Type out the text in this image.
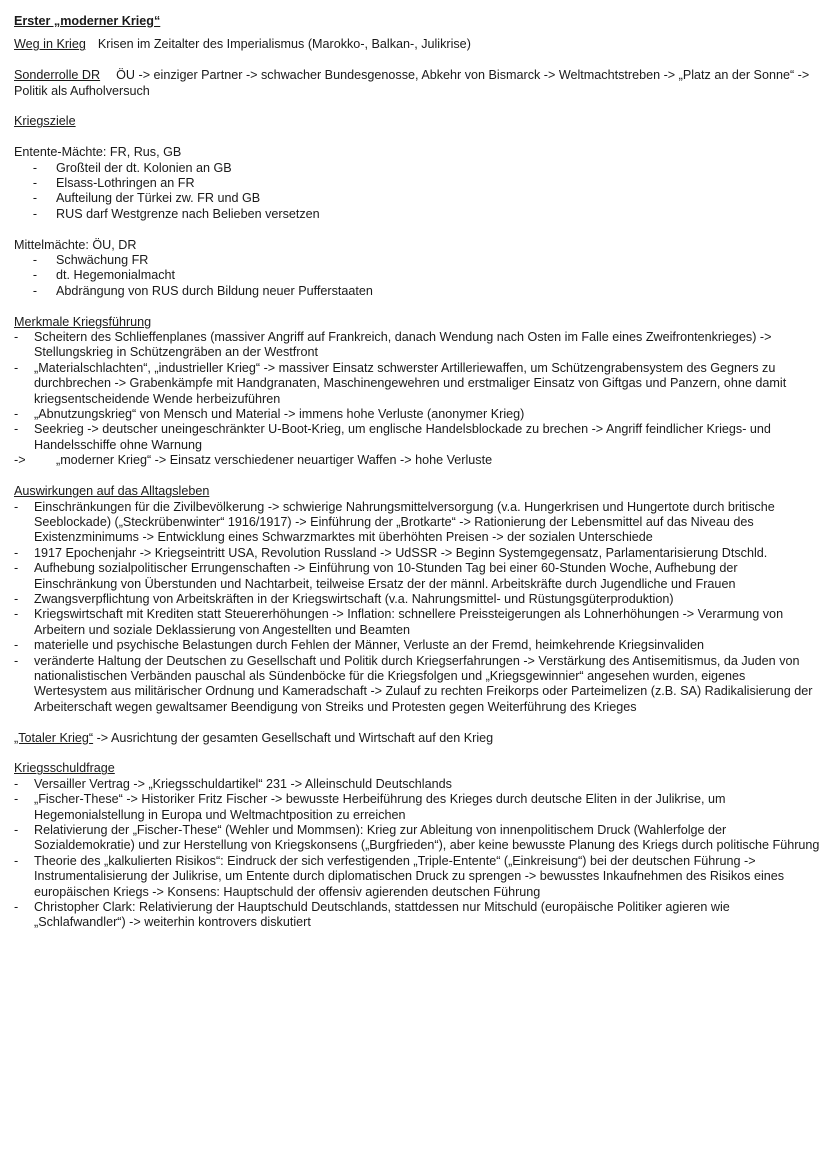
Erster „moderner Krieg“

Weg in Krieg Krisen im Zeitalter des Imperialismus (Marokko-, Balkan-, Julikrise)

Sonderrolle DR ÖU -> einziger Partner -> schwacher Bundesgenosse, Abkehr von Bismarck -> Weltmachtstreben -> „Platz an der Sonne“ -> Politik als Aufholversuch

Kriegsziele

Entente-Mächte: FR, Rus, GB

-	Großteil der dt. Kolonien an GB
-	Elsass-Lothringen an FR
-	Aufteilung der Türkei zw. FR und GB
-	RUS darf Westgrenze nach Belieben versetzen

Mittelmächte: ÖU, DR

-	Schwächung FR
-	dt. Hegemonialmacht
-	Abdrängung von RUS durch Bildung neuer Pufferstaaten

Merkmale Kriegsführung

-	Scheitern des Schlieffenplanes (massiver Angriff auf Frankreich, danach Wendung nach Osten im Falle eines Zweifrontenkrieges) -> Stellungskrieg in Schützengräben an der Westfront
-	„Materialschlachten“, „industrieller Krieg“ -> massiver Einsatz schwerster Artilleriewaffen, um Schützengrabensystem des Gegners zu durchbrechen -> Grabenkämpfe mit Handgranaten, Maschinengewehren und erstmaliger Einsatz von Giftgas und Panzern, ohne damit kriegsentscheidende Wende herbeizuführen
-	„Abnutzungskrieg“ von Mensch und Material -> immens hohe Verluste (anonymer Krieg)
-	Seekrieg -> deutscher uneingeschränkter U-Boot-Krieg, um englische Handelsblockade zu brechen -> Angriff feindlicher Kriegs- und Handelsschiffe ohne Warnung
->	„moderner Krieg“ -> Einsatz verschiedener neuartiger Waffen -> hohe Verluste

Auswirkungen auf das Alltagsleben

-	Einschränkungen für die Zivilbevölkerung -> schwierige Nahrungsmittelversorgung (v.a. Hungerkrisen und Hungertote durch britische Seeblockade) („Steckrübenwinter“ 1916/1917) -> Einführung der „Brotkarte“ -> Rationierung der Lebensmittel auf das Niveau des Existenzminimums -> Entwicklung eines Schwarzmarktes mit überhöhten Preisen -> der sozialen Unterschiede
-	1917 Epochenjahr -> Kriegseintritt USA, Revolution Russland -> UdSSR -> Beginn Systemgegensatz, Parlamentarisierung Dtschld.
-	Aufhebung sozialpolitischer Errungenschaften -> Einführung von 10-Stunden Tag bei einer 60-Stunden Woche, Aufhebung der Einschränkung von Überstunden und Nachtarbeit, teilweise Ersatz der der männl. Arbeitskräfte durch Jugendliche und Frauen
-	Zwangsverpflichtung von Arbeitskräften in der Kriegswirtschaft (v.a. Nahrungsmittel- und Rüstungsgüterproduktion)
-	Kriegswirtschaft mit Krediten statt Steuererhöhungen -> Inflation: schnellere Preissteigerungen als Lohnerhöhungen -> Verarmung von Arbeitern und soziale Deklassierung von Angestellten und Beamten
-	materielle und psychische Belastungen durch Fehlen der Männer, Verluste an der Fremd, heimkehrende Kriegsinvaliden
-	veränderte Haltung der Deutschen zu Gesellschaft und Politik durch Kriegserfahrungen -> Verstärkung des Antisemitismus, da Juden von nationalistischen Verbänden pauschal als Sündenböcke für die Kriegsfolgen und „Kriegsgewinnier“ angesehen wurden, eigenes Wertesystem aus militärischer Ordnung und Kameradschaft -> Zulauf zu rechten Freikorps oder Parteimelizen (z.B. SA) Radikalisierung der Arbeiterschaft wegen gewaltsamer Beendigung von Streiks und Protesten gegen Weiterführung des Krieges

„Totaler Krieg“ -> Ausrichtung der gesamten Gesellschaft und Wirtschaft auf den Krieg

Kriegsschuldfrage

-	Versailler Vertrag -> „Kriegsschuldartikel“ 231 -> Alleinschuld Deutschlands
-	„Fischer-These“ -> Historiker Fritz Fischer -> bewusste Herbeiführung des Krieges durch deutsche Eliten in der Julikrise, um Hegemonialstellung in Europa und Weltmachtposition zu erreichen
-	Relativierung der „Fischer-These“ (Wehler und Mommsen): Krieg zur Ableitung von innenpolitischem Druck (Wahlerfolge der Sozialdemokratie) und zur Herstellung von Kriegskonsens („Burgfrieden“), aber keine bewusste Planung des Kriegs durch politische Führung
-	Theorie des „kalkulierten Risikos“: Eindruck der sich verfestigenden „Triple-Entente“ („Einkreisung“) bei der deutschen Führung -> Instrumentalisierung der Julikrise, um Entente durch diplomatischen Druck zu sprengen -> bewusstes Inkaufnehmen des Risikos eines europäischen Kriegs -> Konsens: Hauptschuld der offensiv agierenden deutschen Führung
-	Christopher Clark: Relativierung der Hauptschuld Deutschlands, stattdessen nur Mitschuld (europäische Politiker agieren wie „Schlafwandler“) -> weiterhin kontrovers diskutiert
